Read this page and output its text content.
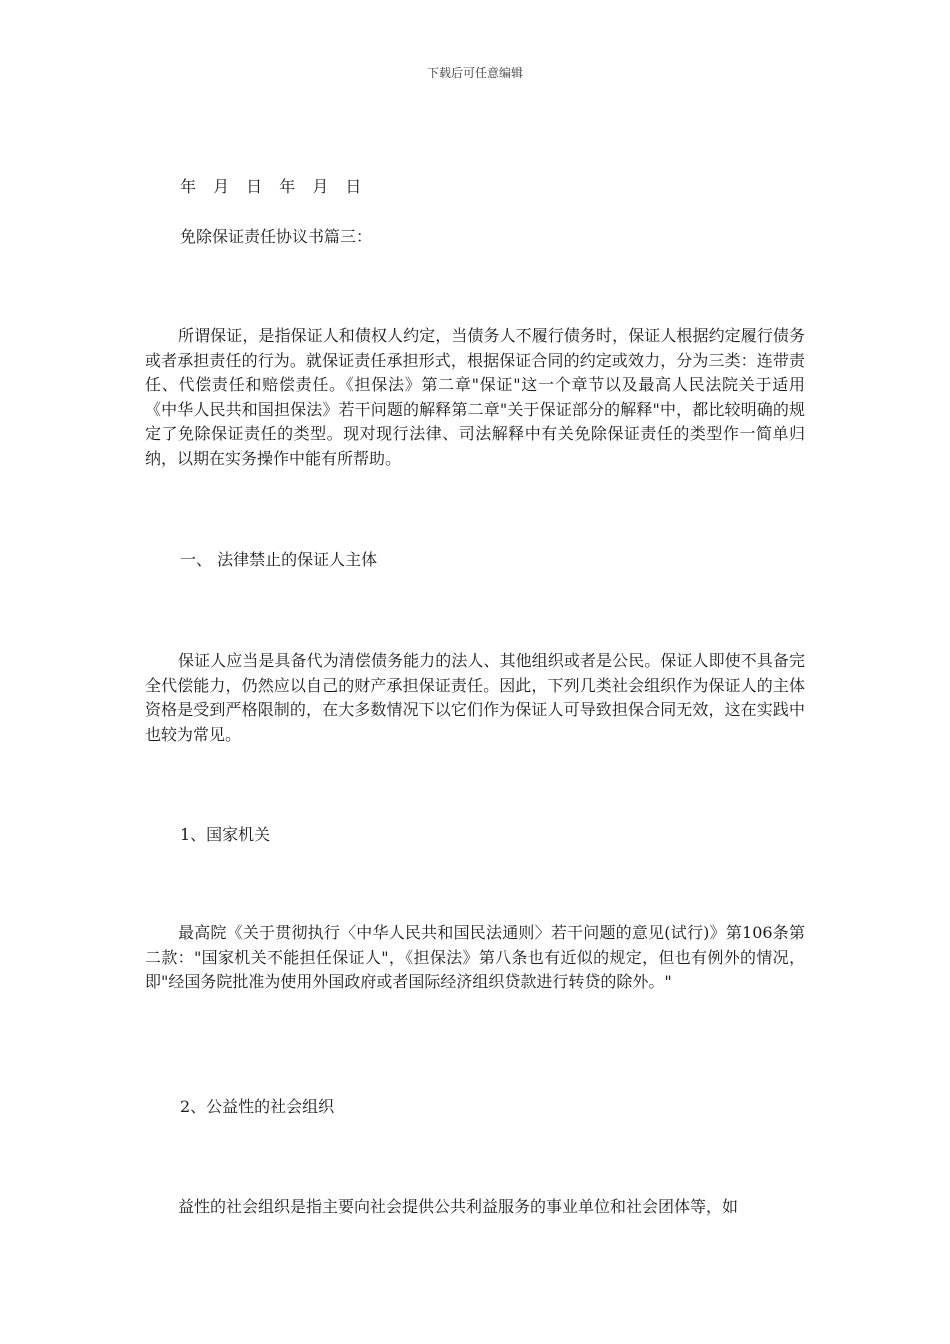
下载后可任意编辑
年 月 日 年 月 日
免除保证责任协议书篇三：

所谓保证，是指保证人和债权人约定，当债务人不履行债务时，保证人根据约定履行债务或者承担责任的行为。就保证责任承担形式，根据保证合同的约定或效力，分为三类：连带责任、代偿责任和赔偿责任。《担保法》第二章"保证"这一个章节以及最高人民法院关于适用《中华人民共和国担保法》若干问题的解释第二章"关于保证部分的解释"中，都比较明确的规定了免除保证责任的类型。现对现行法律、司法解释中有关免除保证责任的类型作一简单归纳，以期在实务操作中能有所帮助。

一、 法律禁止的保证人主体

保证人应当是具备代为清偿债务能力的法人、其他组织或者是公民。保证人即使不具备完全代偿能力，仍然应以自己的财产承担保证责任。因此，下列几类社会组织作为保证人的主体资格是受到严格限制的，在大多数情况下以它们作为保证人可导致担保合同无效，这在实践中也较为常见。

1、国家机关

最高院《关于贯彻执行〈中华人民共和国民法通则〉若干问题的意见(试行)》第106条第二款："国家机关不能担任保证人"，《担保法》第八条也有近似的规定，但也有例外的情况，即"经国务院批准为使用外国政府或者国际经济组织贷款进行转贷的除外。"

2、公益性的社会组织

益性的社会组织是指主要向社会提供公共利益服务的事业单位和社会团体等，如
